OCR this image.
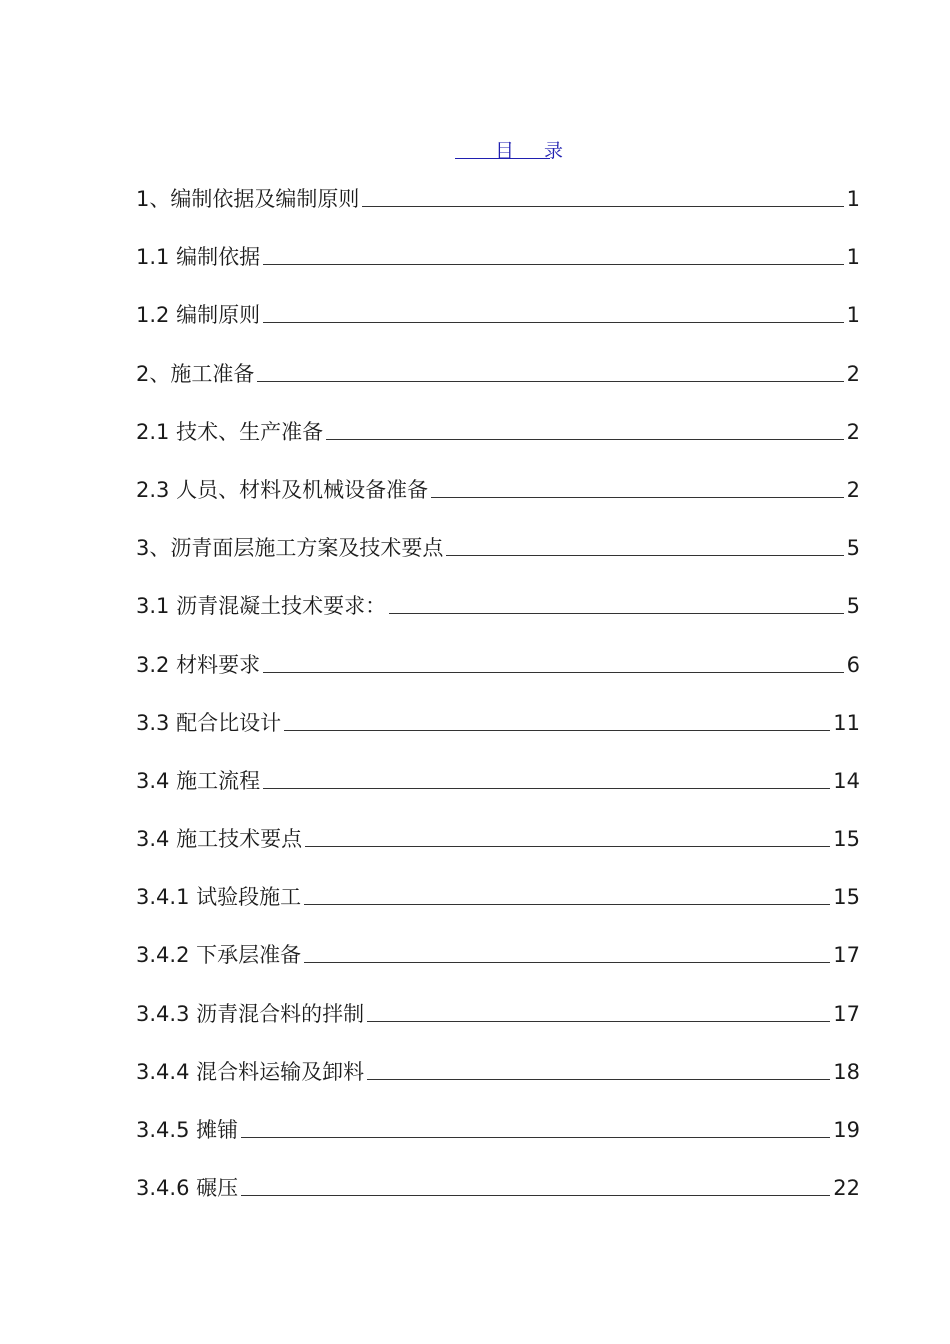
目 录
1、编制依据及编制原则	1
1.1 编制依据	1
1.2 编制原则	1
2、施工准备	2
2.1 技术、生产准备	2
2.3 人员、材料及机械设备准备	2
3、沥青面层施工方案及技术要点	5
3.1 沥青混凝土技术要求：	5
3.2 材料要求	6
3.3 配合比设计	11
3.4 施工流程	14
3.4 施工技术要点	15
3.4.1 试验段施工	15
3.4.2 下承层准备	17
3.4.3 沥青混合料的拌制	17
3.4.4 混合料运输及卸料	18
3.4.5 摊铺	19
3.4.6 碾压	22
